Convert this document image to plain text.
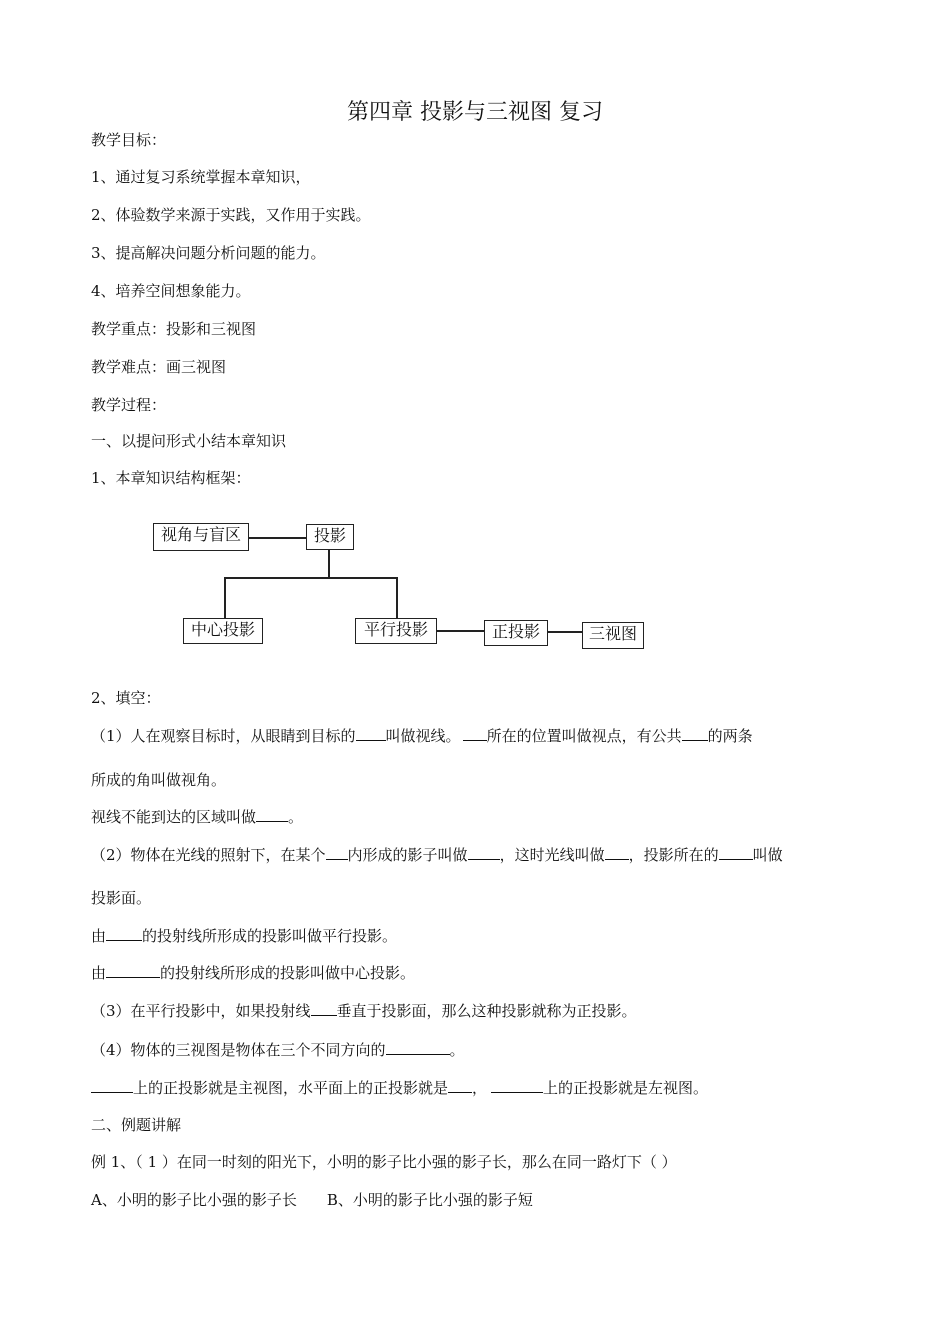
第四章 投影与三视图 复习
教学目标：
1、通过复习系统掌握本章知识，
2、体验数学来源于实践，又作用于实践。
3、提高解决问题分析问题的能力。
4、培养空间想象能力。
教学重点：投影和三视图
教学难点：画三视图
教学过程：
一、以提问形式小结本章知识
1、本章知识结构框架：
视角与盲区	投影
中心投影	平行投影	正投影	三视图
2、填空：
（1）人在观察目标时，从眼睛到目标的 叫做视线。 所在的位置叫做视点，有公共 的两条
所成的角叫做视角。
视线不能到达的区域叫做 。
（2）物体在光线的照射下，在某个 内形成的影子叫做 ，这时光线叫做 ，投影所在的 叫做
投影面。
由 的投射线所形成的投影叫做平行投影。
由	的投射线所形成的投影叫做中心投影。
（3）在平行投影中，如果投射线 垂直于投影面，那么这种投影就称为正投影。
（4）物体的三视图是物体在三个不同方向的	。
上的正投影就是主视图，水平面上的正投影就是 ，	上的正投影就是左视图。
二、例题讲解
例 1、（ 1 ）在同一时刻的阳光下，小明的影子比小强的影子长，那么在同一路灯下（ ）
A、小明的影子比小强的影子长 B、小明的影子比小强的影子短
